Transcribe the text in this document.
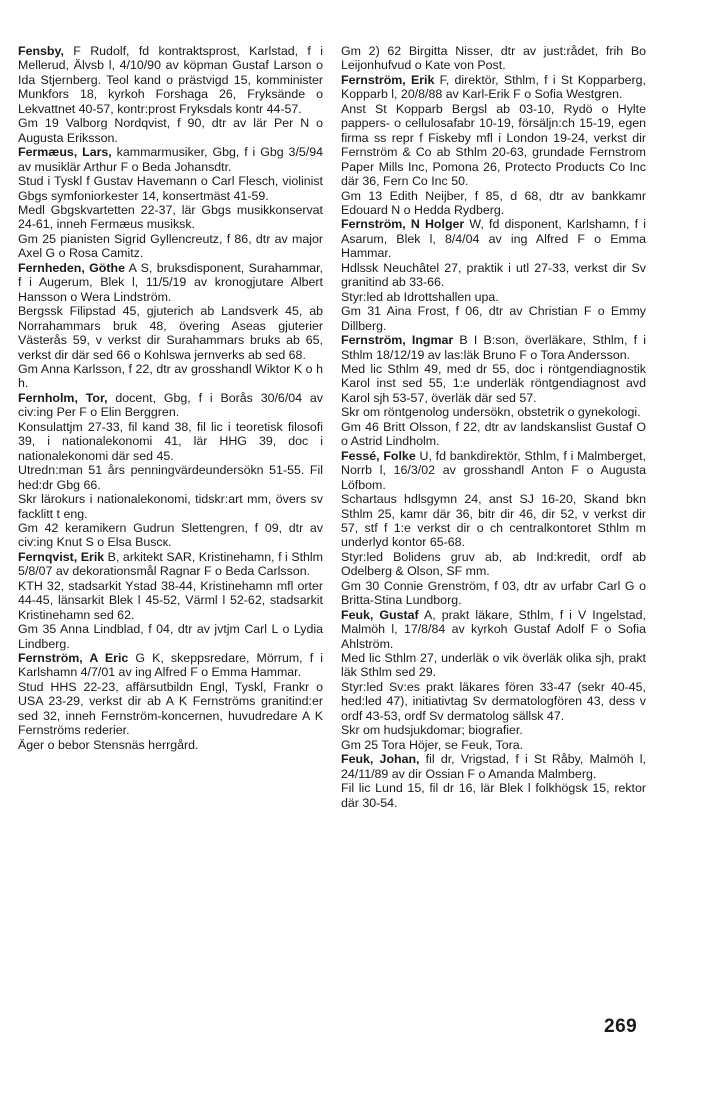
Fensby, F Rudolf, fd kontraktsprost, Karlstad, f i Mellerud, Älvsb l, 4/10/90 av köpman Gustaf Larson o Ida Stjernberg. Teol kand o prästvigd 15, komminister Munkfors 18, kyrkoh Forshaga 26, Fryksände o Lekvattnet 40-57, kontr:prost Fryksdals kontr 44-57.
Gm 19 Valborg Nordqvist, f 90, dtr av lär Per N o Augusta Eriksson.
Fermæus, Lars, kammarmusiker, Gbg, f i Gbg 3/5/94 av musiklär Arthur F o Beda Johansdtr.
Stud i Tyskl f Gustav Havemann o Carl Flesch, violinist Gbgs symfoniorkester 14, konsertmäst 41-59.
Medl Gbgskvartetten 22-37, lär Gbgs musikkonservat 24-61, inneh Fermæus musiksk.
Gm 25 pianisten Sigrid Gyllencreutz, f 86, dtr av major Axel G o Rosa Camitz.
Fernheden, Göthe A S, bruksdisponent, Surahammar, f i Augerum, Blek l, 11/5/19 av kronogjutare Albert Hansson o Wera Lindström.
Bergssk Filipstad 45, gjuterich ab Landsverk 45, ab Norrahammars bruk 48, övering Aseas gjuterier Västerås 59, v verkst dir Surahammars bruks ab 65, verkst dir där sed 66 o Kohlswa jernverks ab sed 68.
Gm Anna Karlsson, f 22, dtr av grosshandl Wiktor K o h h.
Fernholm, Tor, docent, Gbg, f i Borås 30/6/04 av civ:ing Per F o Elin Berggren.
Konsulattjm 27-33, fil kand 38, fil lic i teoretisk filosofi 39, i nationalekonomi 41, lär HHG 39, doc i nationalekonomi där sed 45.
Utredn:man 51 års penningvärdeundersökn 51-55. Fil hed:dr Gbg 66.
Skr lärokurs i nationalekonomi, tidskr:art mm, övers sv facklitt t eng.
Gm 42 keramikern Gudrun Slettengren, f 09, dtr av civ:ing Knut S o Elsa Buscк.
Fernqvist, Erik B, arkitekt SAR, Kristinehamn, f i Sthlm 5/8/07 av dekorationsmål Ragnar F o Beda Carlsson.
KTH 32, stadsarkit Ystad 38-44, Kristinehamn mfl orter 44-45, länsarkit Blek l 45-52, Värml l 52-62, stadsarkit Kristinehamn sed 62.
Gm 35 Anna Lindblad, f 04, dtr av jvtjm Carl L o Lydia Lindberg.
Fernström, A Eric G K, skeppsredare, Mörrum, f i Karlshamn 4/7/01 av ing Alfred F o Emma Hammar.
Stud HHS 22-23, affärsutbildn Engl, Tyskl, Frankr o USA 23-29, verkst dir ab A K Fernströms granitind:er sed 32, inneh Fernström-koncernen, huvudredare A K Fernströms rederier.
Äger o bebor Stensnäs herrgård.
Gm 2) 62 Birgitta Nisser, dtr av just:rådet, frih Bo Leijonhufvud o Kate von Post.
Fernström, Erik F, direktör, Sthlm, f i St Kopparberg, Kopparb l, 20/8/88 av Karl-Erik F o Sofia Westgren.
Anst St Kopparb Bergsl ab 03-10, Rydö o Hylte pappers- o cellulosafabr 10-19, försäljn:ch 15-19, egen firma ss repr f Fiskeby mfl i London 19-24, verkst dir Fernström & Co ab Sthlm 20-63, grundade Fernstrom Paper Mills Inc, Pomona 26, Protecto Products Co Inc där 36, Fern Co Inc 50.
Gm 13 Edith Neijber, f 85, d 68, dtr av bankkamr Edouard N o Hedda Rydberg.
Fernström, N Holger W, fd disponent, Karlshamn, f i Asarum, Blek l, 8/4/04 av ing Alfred F o Emma Hammar.
Hdlssk Neuchâtel 27, praktik i utl 27-33, verkst dir Sv granitind ab 33-66.
Styr:led ab Idrottshallen upa.
Gm 31 Aina Frost, f 06, dtr av Christian F o Emmy Dillberg.
Fernström, Ingmar B I B:son, överläkare, Sthlm, f i Sthlm 18/12/19 av las:läk Bruno F o Tora Andersson.
Med lic Sthlm 49, med dr 55, doc i röntgendiagnostik Karol inst sed 55, 1:e underläk röntgendiagnost avd Karol sjh 53-57, överläk där sed 57.
Skr om röntgenolog undersökn, obstetrik o gynekologi.
Gm 46 Britt Olsson, f 22, dtr av landskanslist Gustaf O o Astrid Lindholm.
Fessé, Folke U, fd bankdirektör, Sthlm, f i Malmberget, Norrb l, 16/3/02 av grosshandl Anton F o Augusta Löfbom.
Schartaus hdlsgymn 24, anst SJ 16-20, Skand bkn Sthlm 25, kamr där 36, bitr dir 46, dir 52, v verkst dir 57, stf f 1:e verkst dir o ch centralkontoret Sthlm m underlyd kontor 65-68.
Styr:led Bolidens gruv ab, ab Ind:kredit, ordf ab Odelberg & Olson, SF mm.
Gm 30 Connie Grenström, f 03, dtr av urfabr Carl G o Britta-Stina Lundborg.
Feuk, Gustaf A, prakt läkare, Sthlm, f i V Ingelstad, Malmöh l, 17/8/84 av kyrkoh Gustaf Adolf F o Sofia Ahlström.
Med lic Sthlm 27, underläk o vik överläk olika sjh, prakt läk Sthlm sed 29.
Styr:led Sv:es prakt läkares fören 33-47 (sekr 40-45, hed:led 47), initiativtag Sv dermatologfören 43, dess v ordf 43-53, ordf Sv dermatolog sällsk 47.
Skr om hudsjukdomar; biografier.
Gm 25 Tora Höjer, se Feuk, Tora.
Feuk, Johan, fil dr, Vrigstad, f i St Råby, Malmöh l, 24/11/89 av dir Ossian F o Amanda Malmberg.
Fil lic Lund 15, fil dr 16, lär Blek l folkhögsk 15, rektor där 30-54.
269
